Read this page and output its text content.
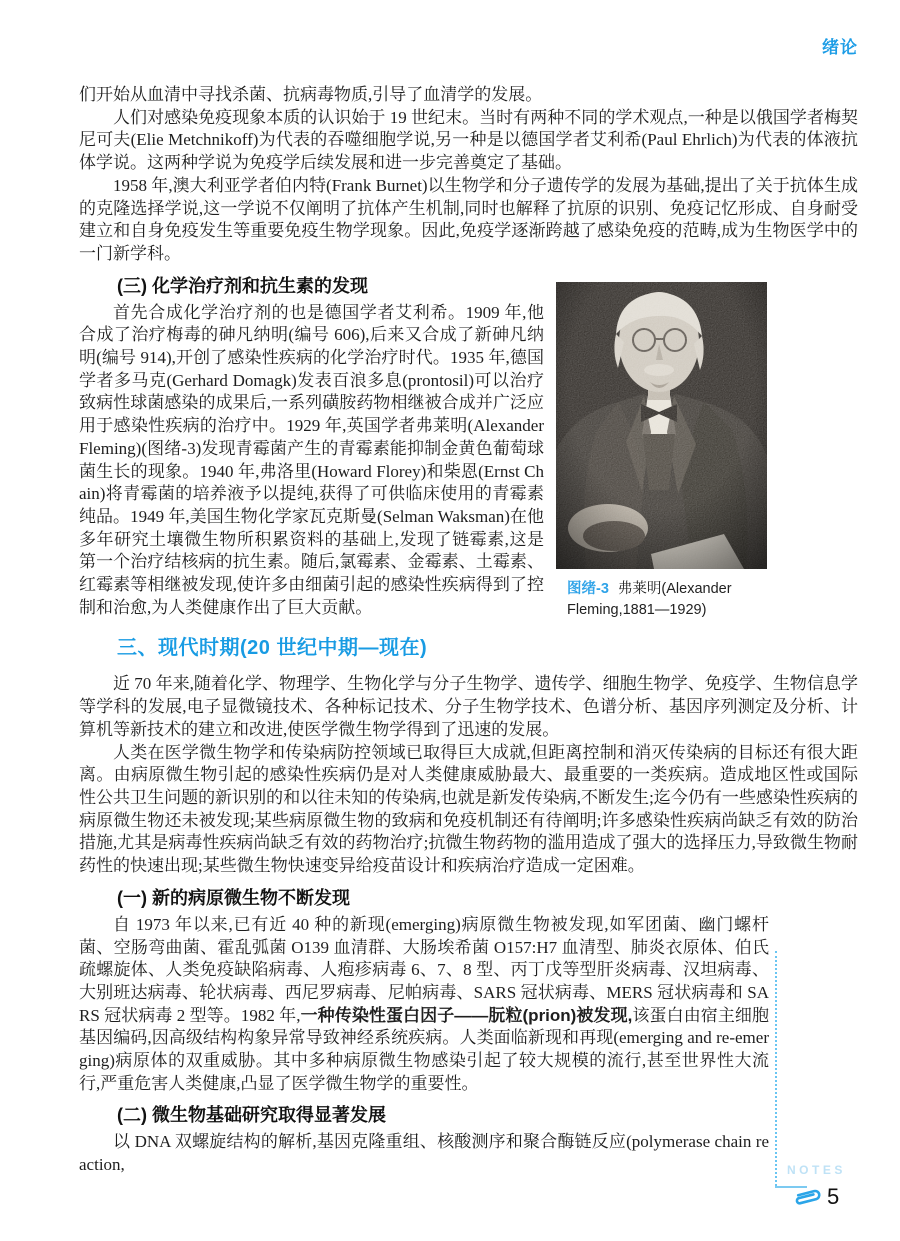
绪论

们开始从血清中寻找杀菌、抗病毒物质,引导了血清学的发展。

人们对感染免疫现象本质的认识始于 19 世纪末。当时有两种不同的学术观点,一种是以俄国学者梅契尼可夫(Elie Metchnikoff)为代表的吞噬细胞学说,另一种是以德国学者艾利希(Paul Ehrlich)为代表的体液抗体学说。这两种学说为免疫学后续发展和进一步完善奠定了基础。

1958 年,澳大利亚学者伯内特(Frank Burnet)以生物学和分子遗传学的发展为基础,提出了关于抗体生成的克隆选择学说,这一学说不仅阐明了抗体产生机制,同时也解释了抗原的识别、免疫记忆形成、自身耐受建立和自身免疫发生等重要免疫生物学现象。因此,免疫学逐渐跨越了感染免疫的范畴,成为生物医学中的一门新学科。

图绪-3 弗莱明(Alexander Fleming,1881—1929)
(三) 化学治疗剂和抗生素的发现

首先合成化学治疗剂的也是德国学者艾利希。1909 年,他合成了治疗梅毒的砷凡纳明(编号 606),后来又合成了新砷凡纳明(编号 914),开创了感染性疾病的化学治疗时代。1935 年,德国学者多马克(Gerhard Domagk)发表百浪多息(prontosil)可以治疗致病性球菌感染的成果后,一系列磺胺药物相继被合成并广泛应用于感染性疾病的治疗中。1929 年,英国学者弗莱明(Alexander Fleming)(图绪-3)发现青霉菌产生的青霉素能抑制金黄色葡萄球菌生长的现象。1940 年,弗洛里(Howard Florey)和柴恩(Ernst Chain)将青霉菌的培养液予以提纯,获得了可供临床使用的青霉素纯品。1949 年,美国生物化学家瓦克斯曼(Selman Waksman)在他多年研究土壤微生物所积累资料的基础上,发现了链霉素,这是第一个治疗结核病的抗生素。随后,氯霉素、金霉素、土霉素、红霉素等相继被发现,使许多由细菌引起的感染性疾病得到了控制和治愈,为人类健康作出了巨大贡献。

三、现代时期(20 世纪中期—现在)

近 70 年来,随着化学、物理学、生物化学与分子生物学、遗传学、细胞生物学、免疫学、生物信息学等学科的发展,电子显微镜技术、各种标记技术、分子生物学技术、色谱分析、基因序列测定及分析、计算机等新技术的建立和改进,使医学微生物学得到了迅速的发展。

人类在医学微生物学和传染病防控领域已取得巨大成就,但距离控制和消灭传染病的目标还有很大距离。由病原微生物引起的感染性疾病仍是对人类健康威胁最大、最重要的一类疾病。造成地区性或国际性公共卫生问题的新识别的和以往未知的传染病,也就是新发传染病,不断发生;迄今仍有一些感染性疾病的病原微生物还未被发现;某些病原微生物的致病和免疫机制还有待阐明;许多感染性疾病尚缺乏有效的防治措施,尤其是病毒性疾病尚缺乏有效的药物治疗;抗微生物药物的滥用造成了强大的选择压力,导致微生物耐药性的快速出现;某些微生物快速变异给疫苗设计和疾病治疗造成一定困难。

(一) 新的病原微生物不断发现

自 1973 年以来,已有近 40 种的新现(emerging)病原微生物被发现,如军团菌、幽门螺杆菌、空肠弯曲菌、霍乱弧菌 O139 血清群、大肠埃希菌 O157:H7 血清型、肺炎衣原体、伯氏疏螺旋体、人类免疫缺陷病毒、人疱疹病毒 6、7、8 型、丙丁戊等型肝炎病毒、汉坦病毒、大别班达病毒、轮状病毒、西尼罗病毒、尼帕病毒、SARS 冠状病毒、MERS 冠状病毒和 SARS 冠状病毒 2 型等。1982 年,一种传染性蛋白因子——朊粒(prion)被发现,该蛋白由宿主细胞基因编码,因高级结构构象异常导致神经系统疾病。人类面临新现和再现(emerging and re-emerging)病原体的双重威胁。其中多种病原微生物感染引起了较大规模的流行,甚至世界性大流行,严重危害人类健康,凸显了医学微生物学的重要性。

(二) 微生物基础研究取得显著发展

以 DNA 双螺旋结构的解析,基因克隆重组、核酸测序和聚合酶链反应(polymerase chain reaction,	NOTES
5
